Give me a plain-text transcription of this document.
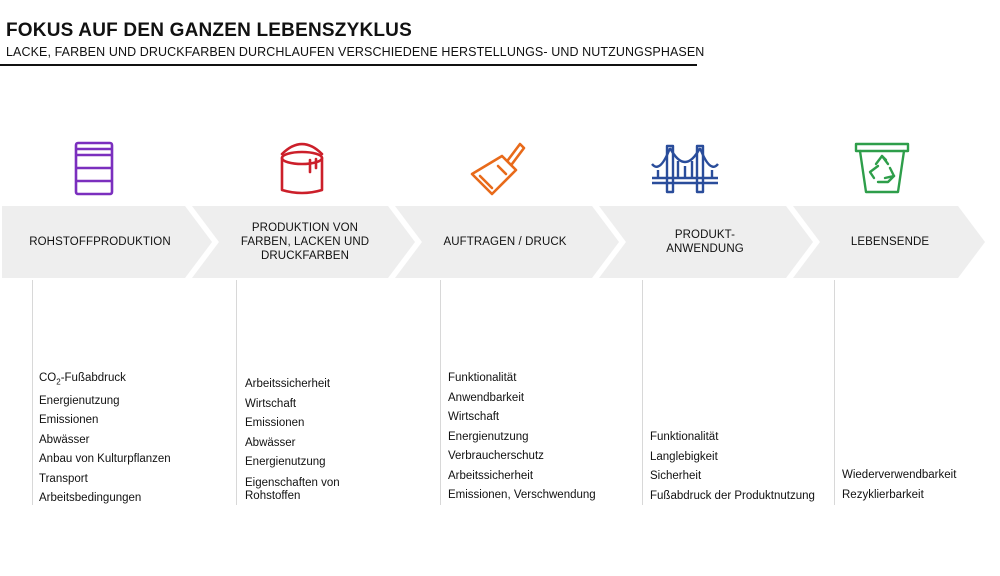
FOKUS AUF DEN GANZEN LEBENSZYKLUS
LACKE, FARBEN UND DRUCKFARBEN DURCHLAUFEN VERSCHIEDENE HERSTELLUNGS- UND NUTZUNGSPHASEN
ROHSTOFFPRODUKTION
PRODUKTION VON FARBEN, LACKEN UND DRUCKFARBEN
AUFTRAGEN / DRUCK
PRODUKT-ANWENDUNG
LEBENSENDE
$CO_2$-Fußabdruck
Energienutzung
Emissionen
Abwässer
Anbau von Kulturpflanzen
Transport
Arbeitsbedingungen
Arbeitssicherheit
Wirtschaft
Emissionen
Abwässer
Energienutzung
Eigenschaften von Rohstoffen
Funktionalität
Anwendbarkeit
Wirtschaft
Energienutzung
Verbraucherschutz
Arbeitssicherheit
Emissionen, Verschwendung
Funktionalität
Langlebigkeit
Sicherheit
Fußabdruck der Produktnutzung
Wiederverwendbarkeit
Rezyklierbarkeit
